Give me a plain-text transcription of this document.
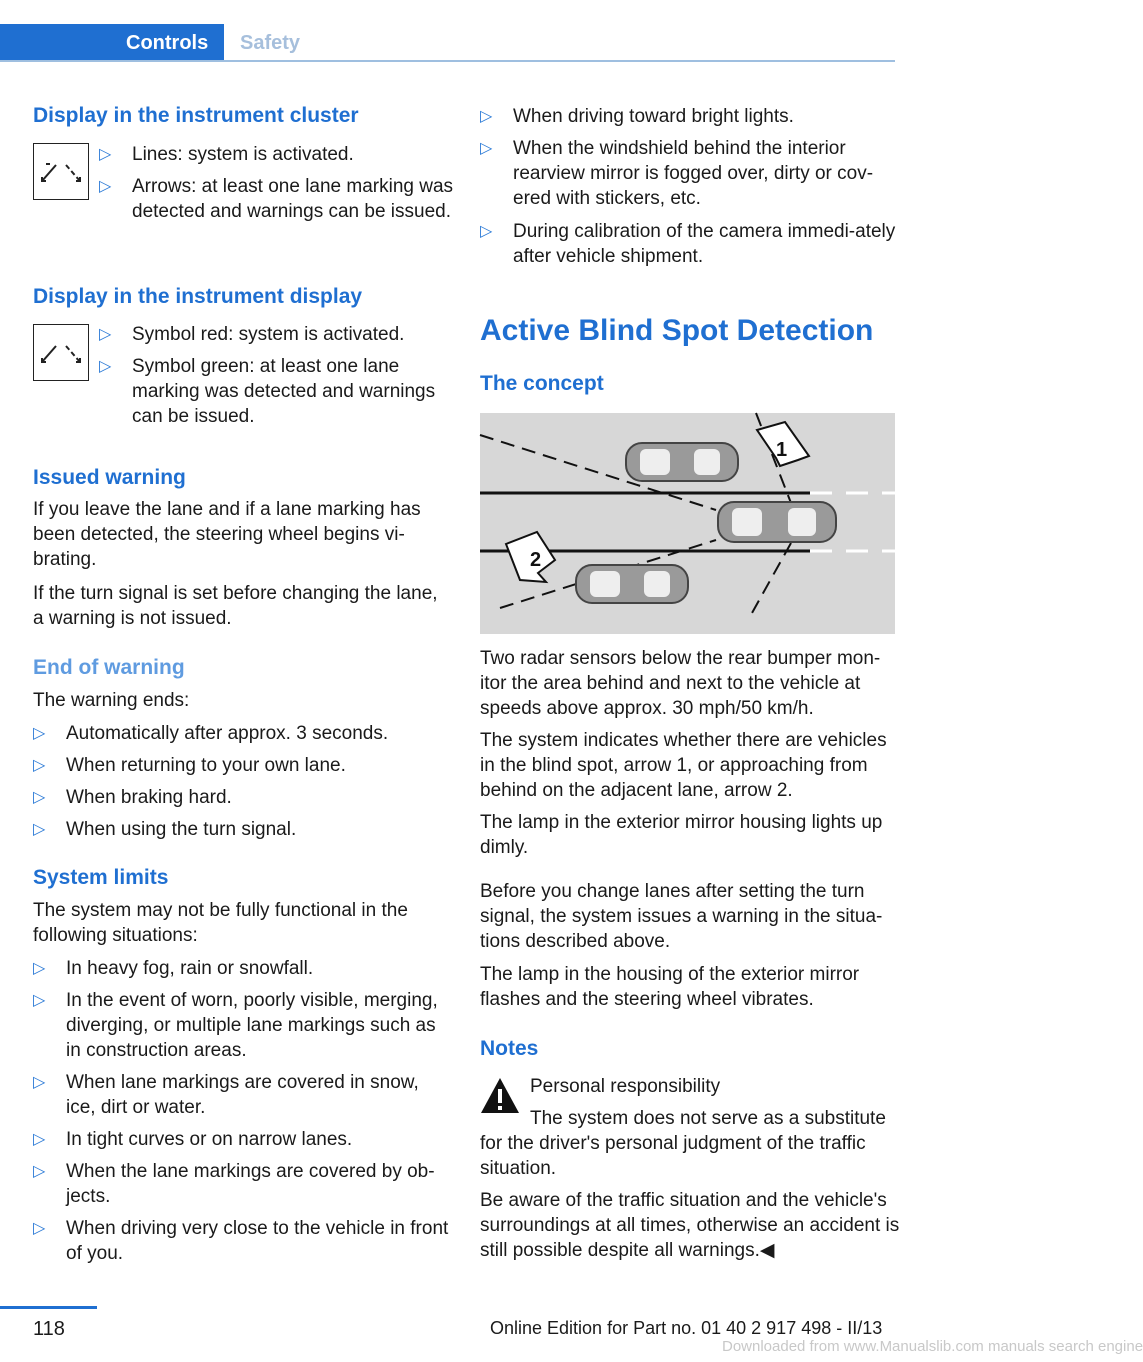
Controls	Safety
Display in the instrument cluster
▷ Lines: system is activated.
▷ Arrows: at least one lane marking was detected and warnings can be issued.
Display in the instrument display
▷ Symbol red: system is activated.
▷ Symbol green: at least one lane marking was detected and warnings can be issued.
Issued warning
If you leave the lane and if a lane marking has been detected, the steering wheel begins vi-brating.
If the turn signal is set before changing the lane, a warning is not issued.
End of warning
The warning ends:
▷ Automatically after approx. 3 seconds.
▷ When returning to your own lane.
▷ When braking hard.
▷ When using the turn signal.
System limits
The system may not be fully functional in the following situations:
▷ In heavy fog, rain or snowfall.
▷ In the event of worn, poorly visible, merging, diverging, or multiple lane markings such as in construction areas.
▷ When lane markings are covered in snow, ice, dirt or water.
▷ In tight curves or on narrow lanes.
▷ When the lane markings are covered by ob-jects.
▷ When driving very close to the vehicle in front of you.
▷ When driving toward bright lights.
▷ When the windshield behind the interior rearview mirror is fogged over, dirty or cov-ered with stickers, etc.
▷ During calibration of the camera immedi-ately after vehicle shipment.
Active Blind Spot Detection
The concept
1
2
Two radar sensors below the rear bumper mon-itor the area behind and next to the vehicle at speeds above approx. 30 mph/50 km/h.
The system indicates whether there are vehicles in the blind spot, arrow 1, or approaching from behind on the adjacent lane, arrow 2.
The lamp in the exterior mirror housing lights up dimly.
Before you change lanes after setting the turn signal, the system issues a warning in the situa-tions described above.
The lamp in the housing of the exterior mirror flashes and the steering wheel vibrates.
Notes
Personal responsibility
The system does not serve as a substitute
for the driver's personal judgment of the traffic situation.
Be aware of the traffic situation and the vehicle's surroundings at all times, otherwise an accident is still possible despite all warnings.◀
118	Online Edition for Part no. 01 40 2 917 498 - II/13
Downloaded from www.Manualslib.com manuals search engine
